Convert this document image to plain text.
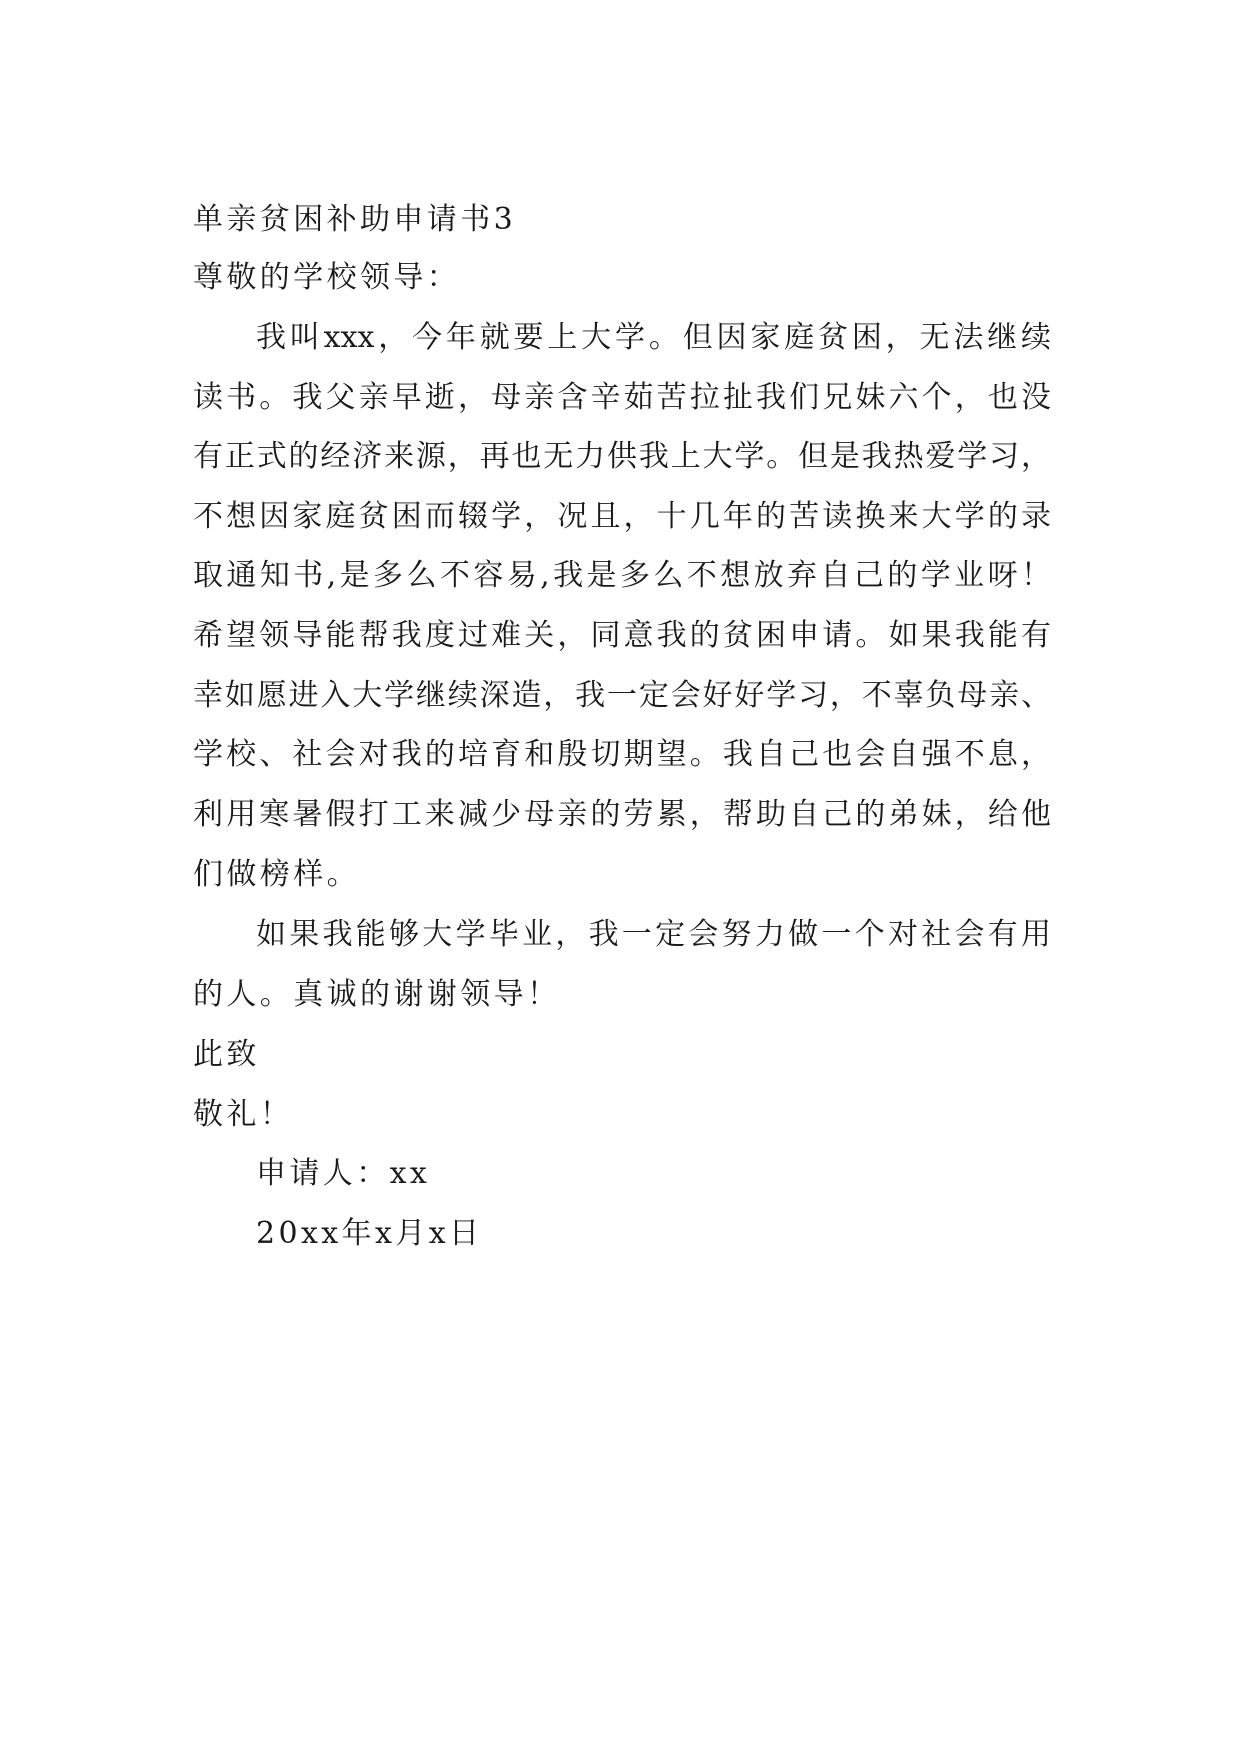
单亲贫困补助申请书3
尊敬的学校领导：
我叫xxx，今年就要上大学。但因家庭贫困，无法继续
读书。我父亲早逝，母亲含辛茹苦拉扯我们兄妹六个，也没
有正式的经济来源，再也无力供我上大学。但是我热爱学习，
不想因家庭贫困而辍学，况且，十几年的苦读换来大学的录
取通知书,是多么不容易,我是多么不想放弃自己的学业呀！
希望领导能帮我度过难关，同意我的贫困申请。如果我能有
幸如愿进入大学继续深造，我一定会好好学习，不辜负母亲、
学校、社会对我的培育和殷切期望。我自己也会自强不息，
利用寒暑假打工来减少母亲的劳累，帮助自己的弟妹，给他
们做榜样。
如果我能够大学毕业，我一定会努力做一个对社会有用
的人。真诚的谢谢领导！
此致
敬礼！
申请人：xx
20xx年x月x日
